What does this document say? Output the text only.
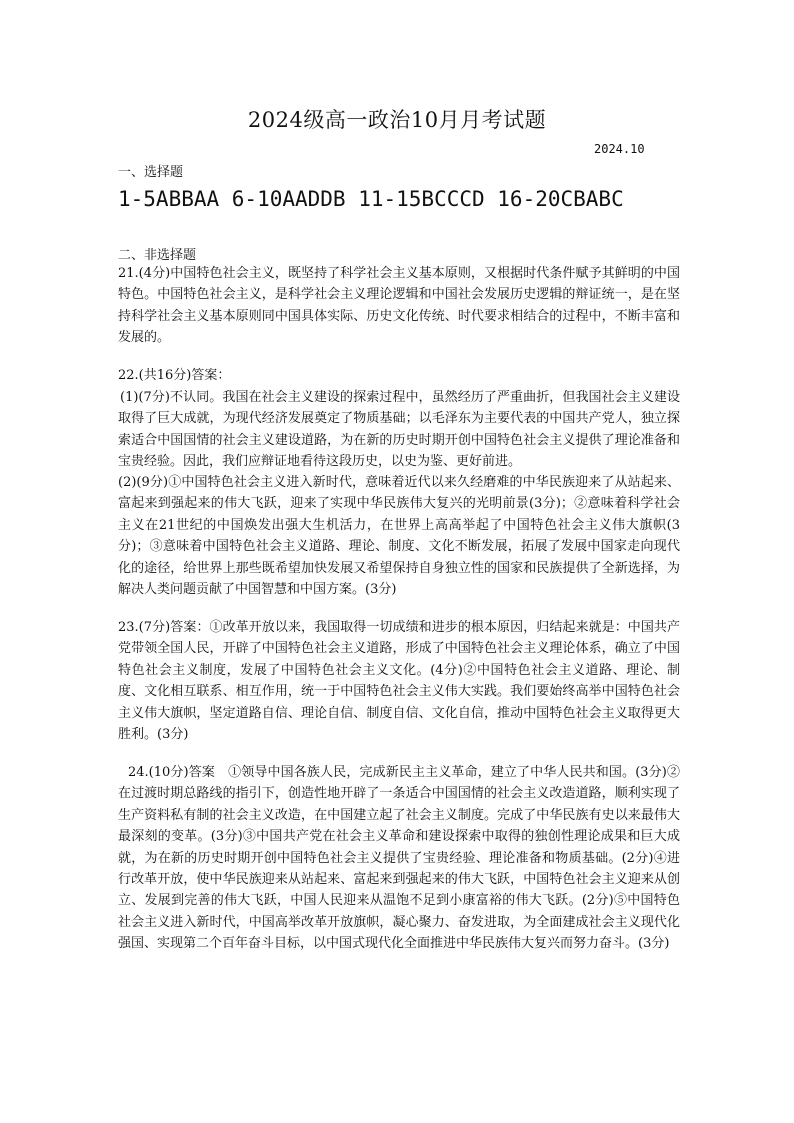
2024级高一政治10月月考试题
2024.10
一、选择题
1-5ABBAA 6-10AADDB 11-15BCCCD 16-20CBABC
二、非选择题
21.(4分)中国特色社会主义，既坚持了科学社会主义基本原则，又根据时代条件赋予其鲜明的中国特色。中国特色社会主义，是科学社会主义理论逻辑和中国社会发展历史逻辑的辩证统一，是在坚持科学社会主义基本原则同中国具体实际、历史文化传统、时代要求相结合的过程中，不断丰富和发展的。
22.(共16分)答案：
(1)(7分)不认同。我国在社会主义建设的探索过程中，虽然经历了严重曲折，但我国社会主义建设取得了巨大成就，为现代经济发展奠定了物质基础；以毛泽东为主要代表的中国共产党人，独立探索适合中国国情的社会主义建设道路，为在新的历史时期开创中国特色社会主义提供了理论准备和宝贵经验。因此，我们应辩证地看待这段历史，以史为鉴、更好前进。
(2)(9分)①中国特色社会主义进入新时代，意味着近代以来久经磨难的中华民族迎来了从站起来、富起来到强起来的伟大飞跃，迎来了实现中华民族伟大复兴的光明前景(3分)；②意味着科学社会主义在21世纪的中国焕发出强大生机活力，在世界上高高举起了中国特色社会主义伟大旗帜(3分)；③意味着中国特色社会主义道路、理论、制度、文化不断发展，拓展了发展中国家走向现代化的途径，给世界上那些既希望加快发展又希望保持自身独立性的国家和民族提供了全新选择，为解决人类问题贡献了中国智慧和中国方案。(3分)
23.(7分)答案：①改革开放以来，我国取得一切成绩和进步的根本原因，归结起来就是：中国共产党带领全国人民，开辟了中国特色社会主义道路，形成了中国特色社会主义理论体系，确立了中国特色社会主义制度，发展了中国特色社会主义文化。(4分)②中国特色社会主义道路、理论、制度、文化相互联系、相互作用，统一于中国特色社会主义伟大实践。我们要始终高举中国特色社会主义伟大旗帜，坚定道路自信、理论自信、制度自信、文化自信，推动中国特色社会主义取得更大胜利。(3分)
24.(10分)答案　①领导中国各族人民，完成新民主主义革命，建立了中华人民共和国。(3分)②在过渡时期总路线的指引下，创造性地开辟了一条适合中国国情的社会主义改造道路，顺利实现了生产资料私有制的社会主义改造，在中国建立起了社会主义制度。完成了中华民族有史以来最伟大最深刻的变革。(3分)③中国共产党在社会主义革命和建设探索中取得的独创性理论成果和巨大成就，为在新的历史时期开创中国特色社会主义提供了宝贵经验、理论准备和物质基础。(2分)④进行改革开放，使中华民族迎来从站起来、富起来到强起来的伟大飞跃，中国特色社会主义迎来从创立、发展到完善的伟大飞跃，中国人民迎来从温饱不足到小康富裕的伟大飞跃。(2分)⑤中国特色社会主义进入新时代，中国高举改革开放旗帜，凝心聚力、奋发进取，为全面建成社会主义现代化强国、实现第二个百年奋斗目标，以中国式现代化全面推进中华民族伟大复兴而努力奋斗。(3分)
